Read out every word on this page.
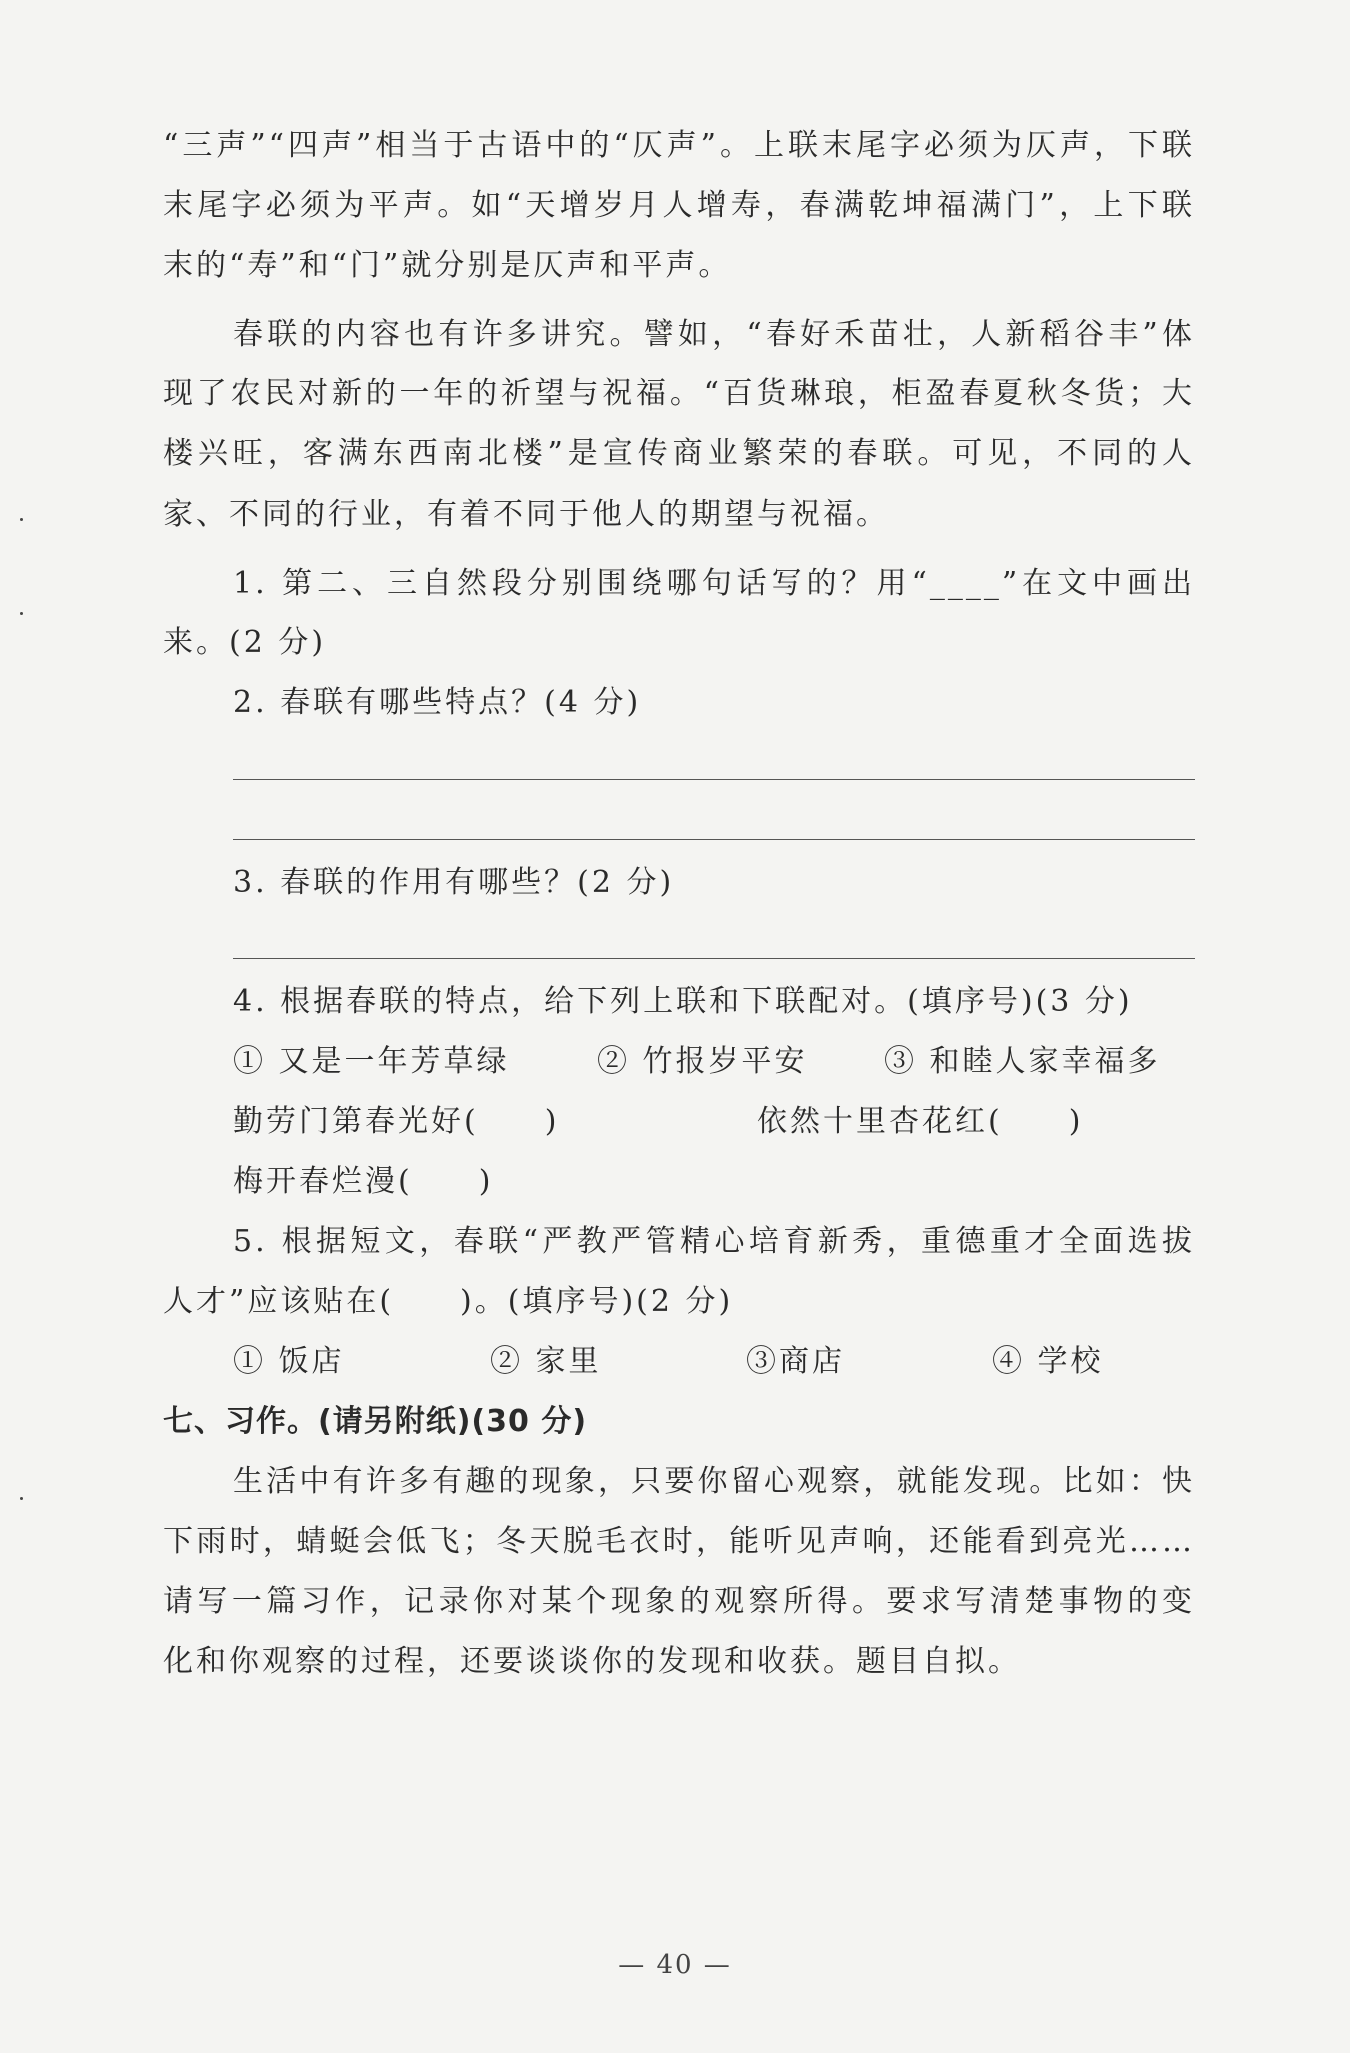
“三声”“四声”相当于古语中的“仄声”。上联末尾字必须为仄声，下联
末尾字必须为平声。如“天增岁月人增寿，春满乾坤福满门”，上下联
末的“寿”和“门”就分别是仄声和平声。
春联的内容也有许多讲究。譬如，“春好禾苗壮，人新稻谷丰”体
现了农民对新的一年的祈望与祝福。“百货琳琅，柜盈春夏秋冬货；大
楼兴旺，客满东西南北楼”是宣传商业繁荣的春联。可见，不同的人
家、不同的行业，有着不同于他人的期望与祝福。
1. 第二、三自然段分别围绕哪句话写的？用“____”在文中画出
来。(2 分)
2. 春联有哪些特点？(4 分)
3. 春联的作用有哪些？(2 分)
4. 根据春联的特点，给下列上联和下联配对。(填序号)(3 分)
① 又是一年芳草绿	② 竹报岁平安	③ 和睦人家幸福多
勤劳门第春光好(　　)	依然十里杏花红(　　)
梅开春烂漫(　　)
5. 根据短文，春联“严教严管精心培育新秀，重德重才全面选拔
人才”应该贴在(　　)。(填序号)(2 分)
① 饭店	② 家里	③商店	④ 学校
七、习作。(请另附纸)(30 分)
生活中有许多有趣的现象，只要你留心观察，就能发现。比如：快
下雨时，蜻蜓会低飞；冬天脱毛衣时，能听见声响，还能看到亮光……
请写一篇习作，记录你对某个现象的观察所得。要求写清楚事物的变
化和你观察的过程，还要谈谈你的发现和收获。题目自拟。
— 40 —
